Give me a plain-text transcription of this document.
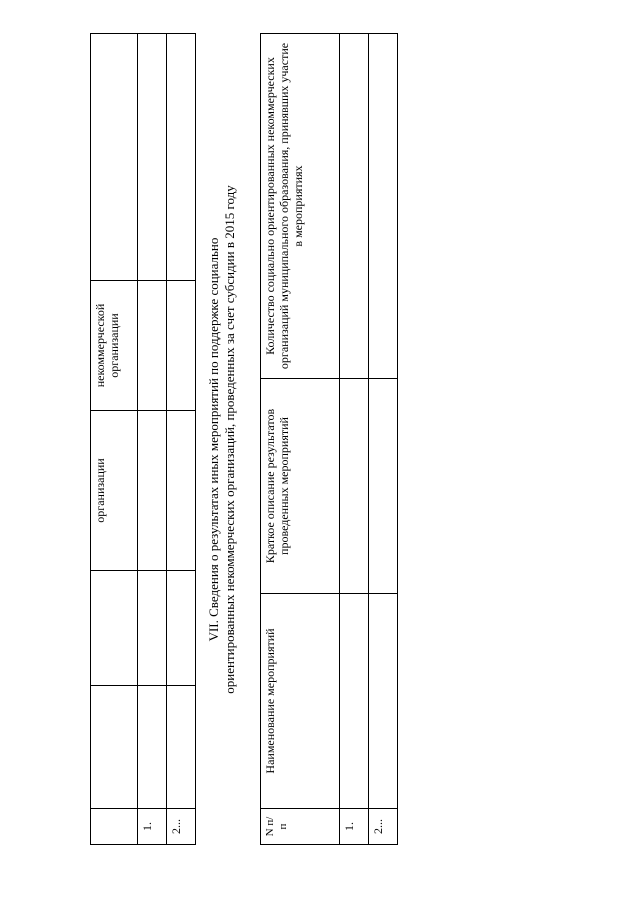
			организации	некоммерческой организации	
1.					
2...					
VII. Сведения о результатах иных мероприятий по поддержке социально ориентированных некоммерческих организаций, проведенных за счет субсидии в 2015 году
N п/п	Наименование мероприятий	Краткое описание результатов проведенных мероприятий	Количество социально ориентированных некоммерческих организаций муниципального образования, принявших участие в мероприятиях
1.			
2...			
